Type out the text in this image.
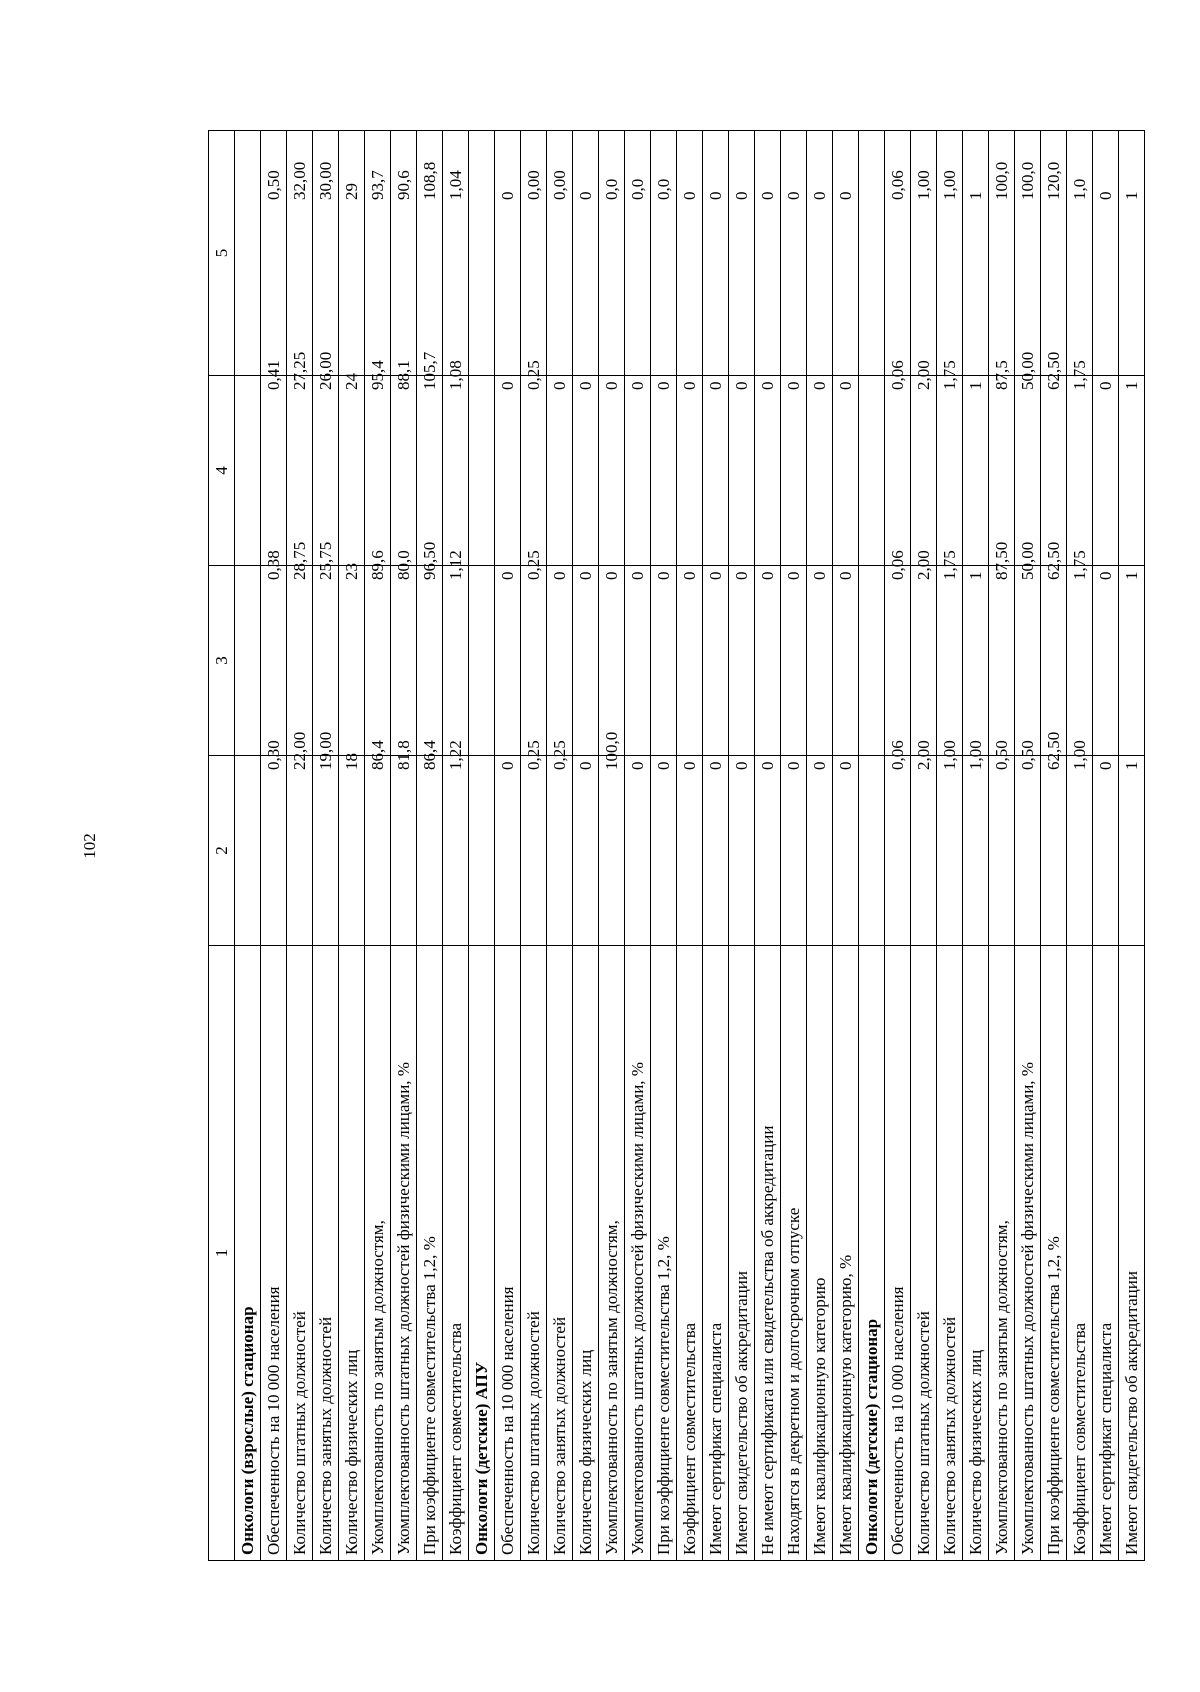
102
1	2	3	4	5
Онкологи (взрослые) стационар				
Обеспеченность на 10 000 населения	0,30	0,38	0,41	0,50
Количество штатных должностей	22,00	28,75	27,25	32,00
Количество занятых должностей	19,00	25,75	26,00	30,00
Количество физических лиц	18	23	24	29
Укомплектованность по занятым должностям,	86,4	89,6	95,4	93,7
Укомплектованность штатных должностей физическими лицами, %	81,8	80,0	88,1	90,6
При коэффициенте совместительства 1,2, %	86,4	96,50	105,7	108,8
Коэффициент совместительства	1,22	1,12	1,08	1,04
Онкологи (детские) АПУ				
Обеспеченность на 10 000 населения	0	0	0	0
Количество штатных должностей	0,25	0,25	0,25	0,00
Количество занятых должностей	0,25	0	0	0,00
Количество физических лиц	0	0	0	0
Укомплектованность по занятым должностям,	100,0	0	0	0,0
Укомплектованность штатных должностей физическими лицами, %	0	0	0	0,0
При коэффициенте совместительства 1,2, %	0	0	0	0,0
Коэффициент совместительства	0	0	0	0
Имеют сертификат специалиста	0	0	0	0
Имеют свидетельство об аккредитации	0	0	0	0
Не имеют сертификата или свидетельства об аккредитации	0	0	0	0
Находятся в декретном и долгосрочном отпуске	0	0	0	0
Имеют квалификационную категорию	0	0	0	0
Имеют квалификационную категорию, %	0	0	0	0
Онкологи (детские) стационар				
Обеспеченность на 10 000 населения	0,06	0,06	0,06	0,06
Количество штатных должностей	2,00	2,00	2,00	1,00
Количество занятых должностей	1,00	1,75	1,75	1,00
Количество физических лиц	1,00	1	1	1
Укомплектованность по занятым должностям,	0,50	87,50	87,5	100,0
Укомплектованность штатных должностей физическими лицами, %	0,50	50,00	50,00	100,0
При коэффициенте совместительства 1,2, %	62,50	62,50	62,50	120,0
Коэффициент совместительства	1,00	1,75	1,75	1,0
Имеют сертификат специалиста	0	0	0	0
Имеют свидетельство об аккредитации	1	1	1	1
